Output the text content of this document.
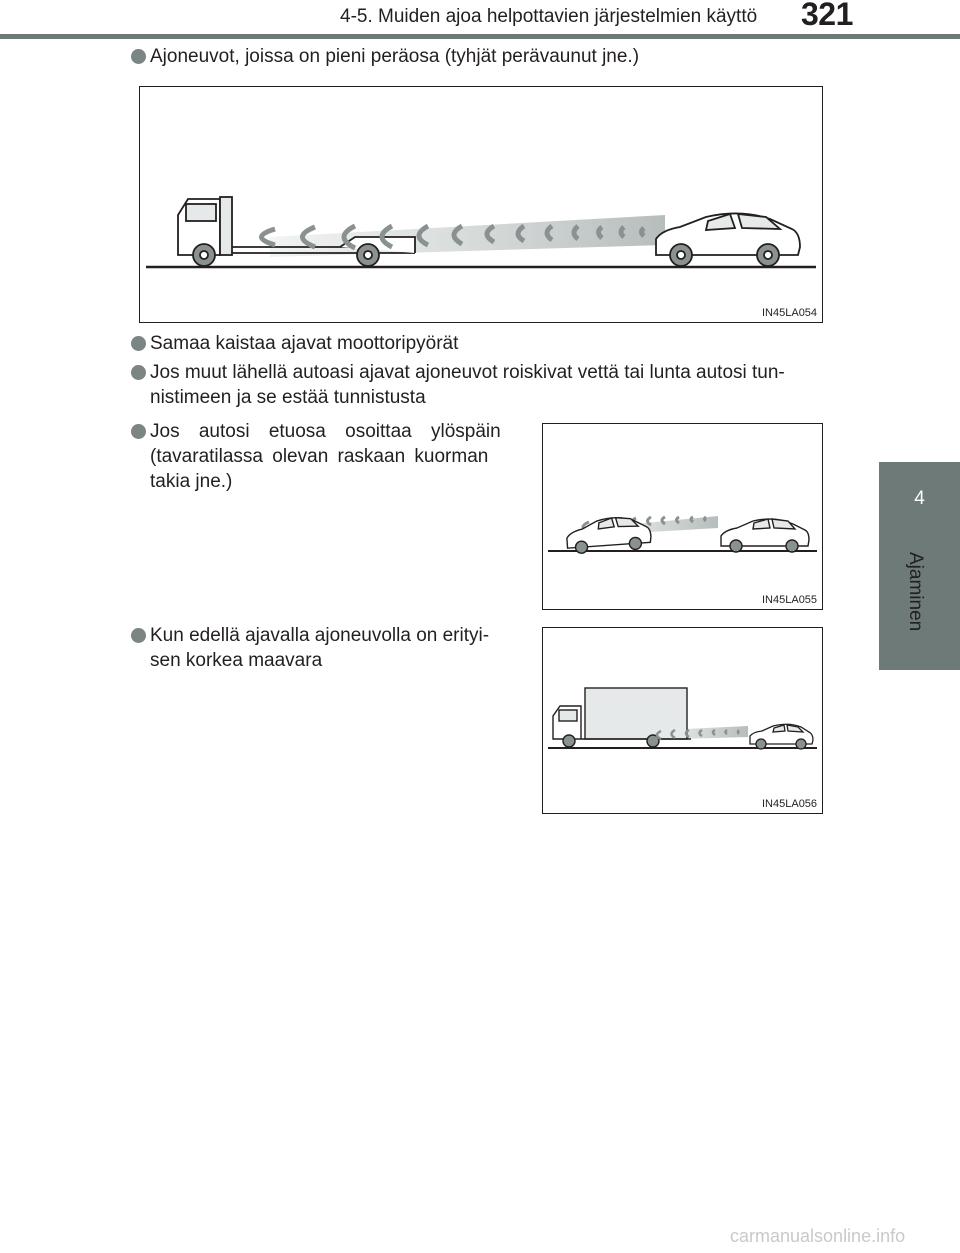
4-5. Muiden ajoa helpottavien järjestelmien käyttö 321
4
Ajaminen
Ajoneuvot, joissa on pieni peräosa (tyhjät perävaunut jne.)
IN45LA054
Samaa kaistaa ajavat moottoripyörät
Jos muut lähellä autoasi ajavat ajoneuvot roiskivat vettä tai lunta autosi tun-
nistimeen ja se estää tunnistusta
Jos autosi etuosa osoittaa ylöspäin
(tavaratilassa olevan raskaan kuorman
takia jne.)
IN45LA055
Kun edellä ajavalla ajoneuvolla on erityi-
sen korkea maavara
IN45LA056
carmanualsonline.info
